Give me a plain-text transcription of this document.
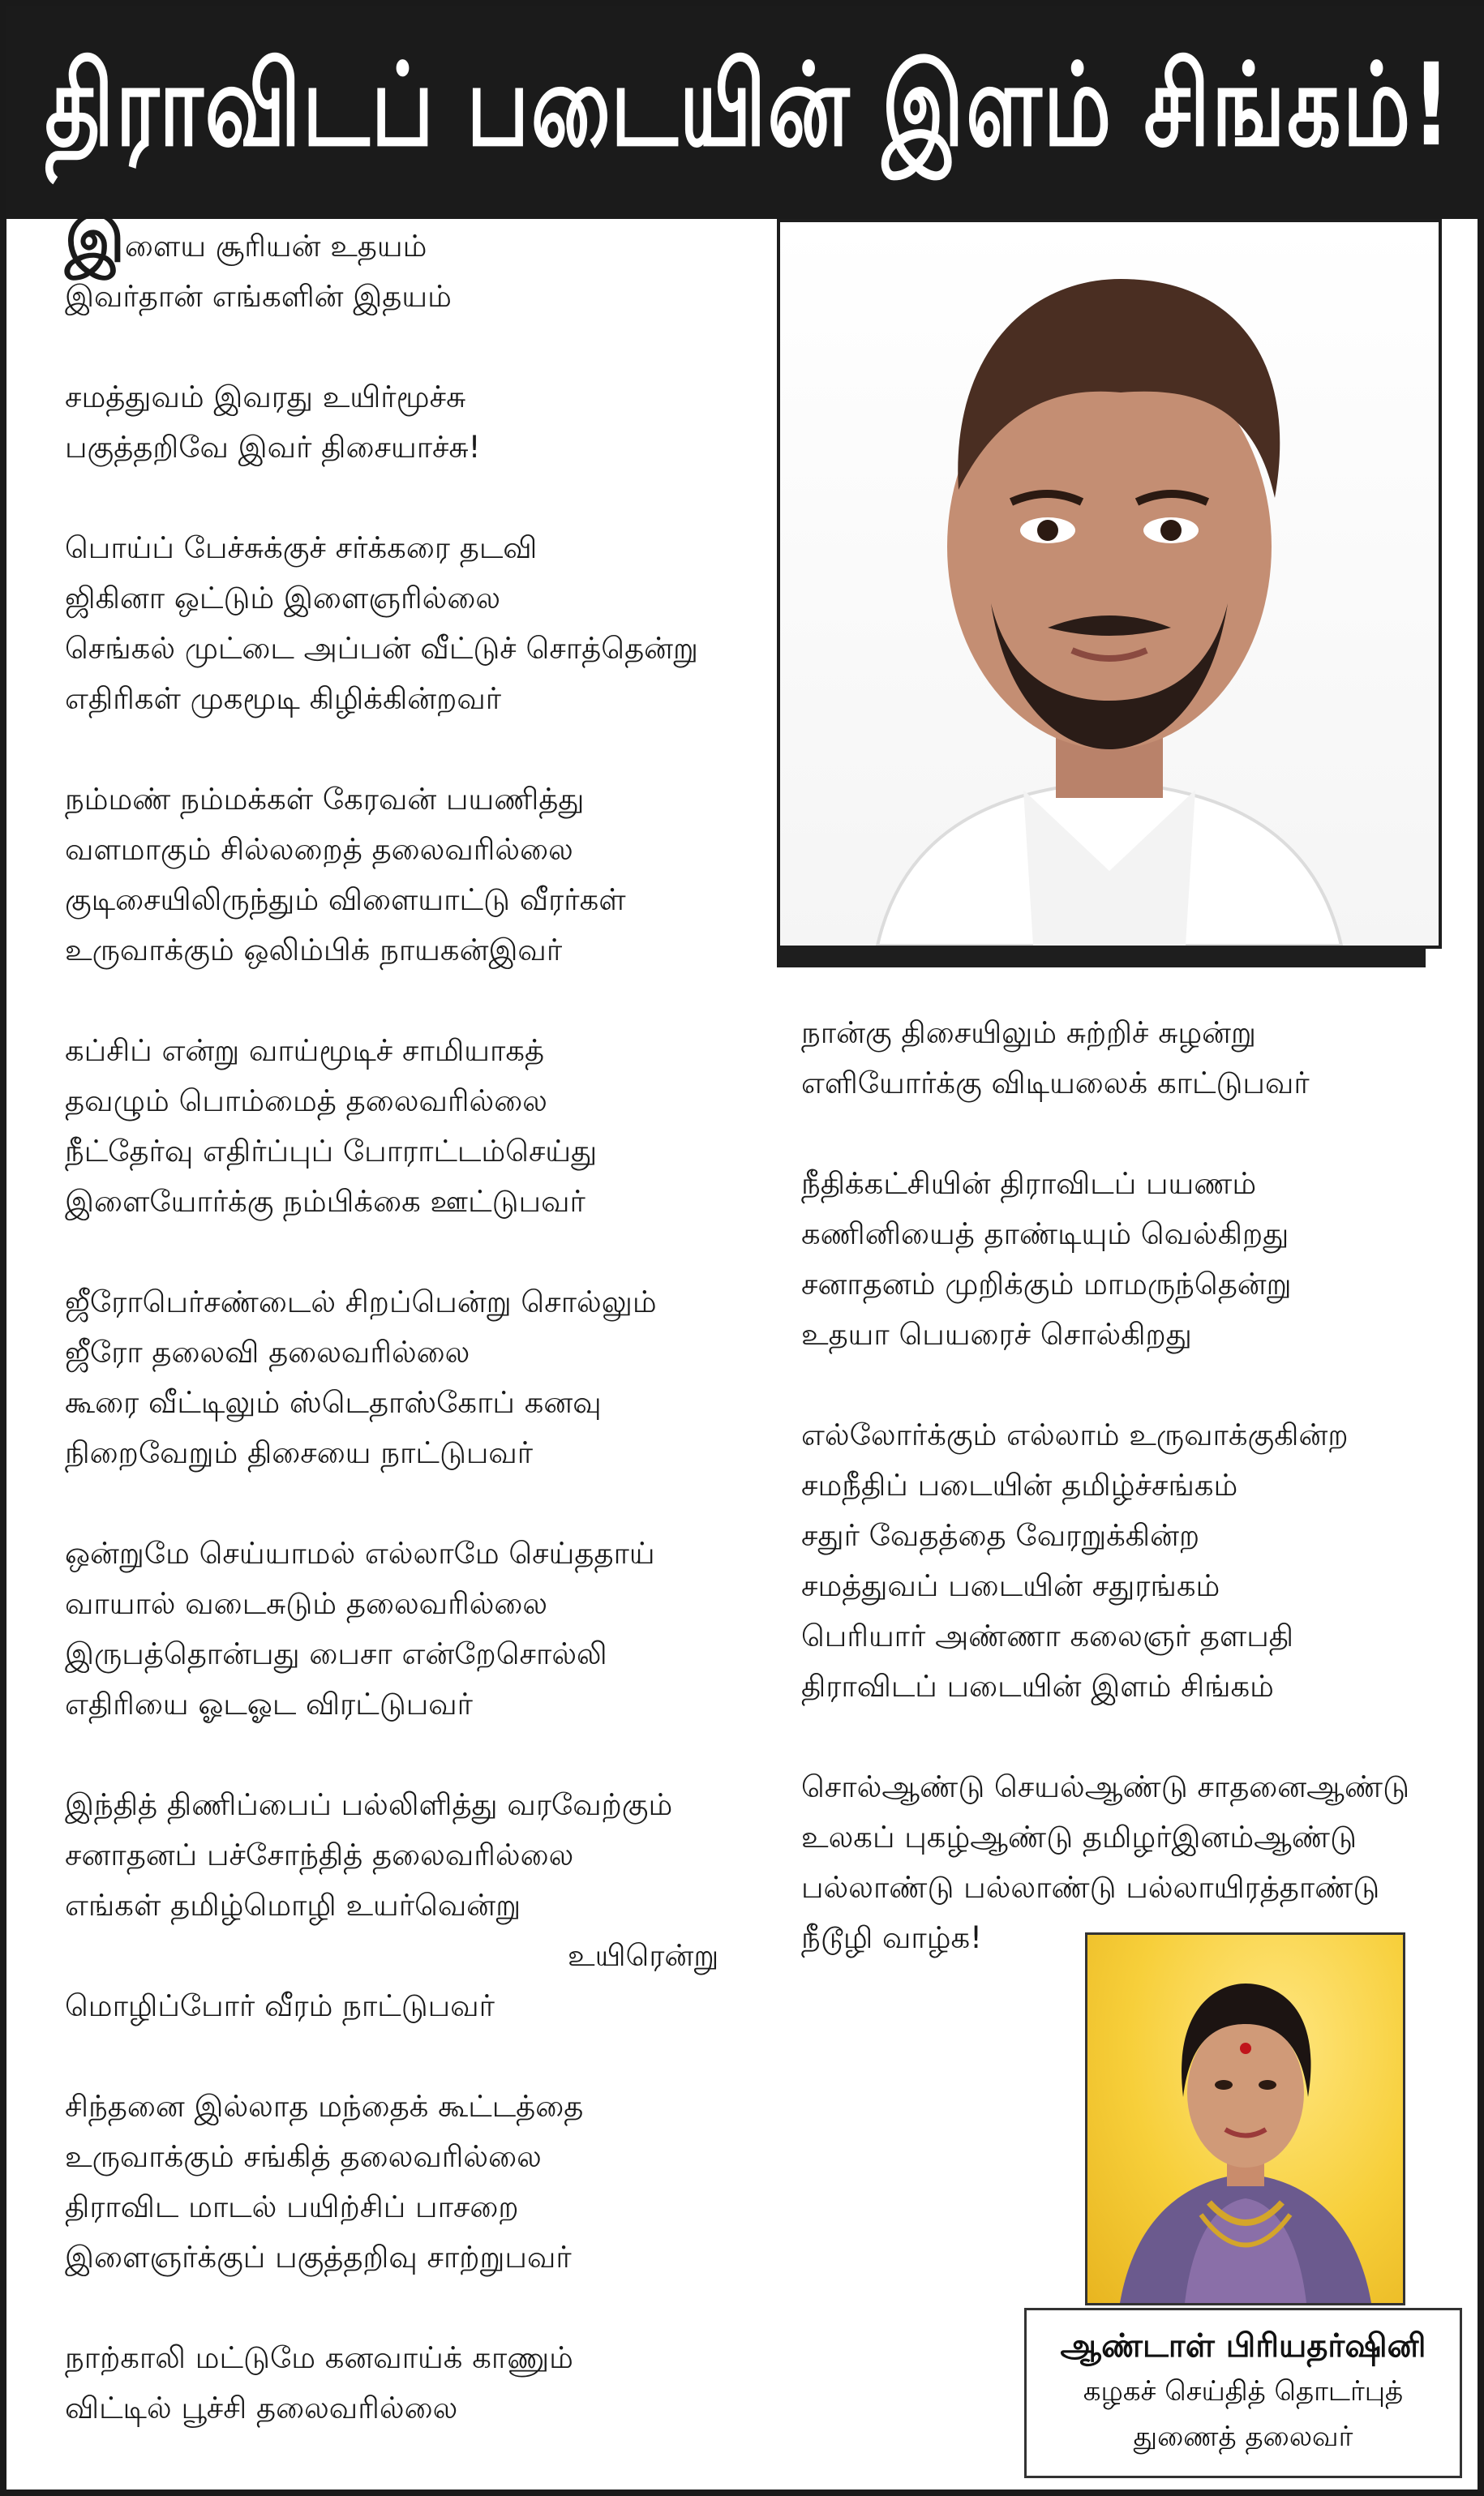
திராவிடப் படையின் இளம் சிங்கம்!
இளைய சூரியன் உதயம்
இவர்தான் எங்களின் இதயம்
சமத்துவம் இவரது உயிர்மூச்சு
பகுத்தறிவே இவர் திசையாச்சு!
பொய்ப் பேச்சுக்குச் சர்க்கரை தடவி
ஜிகினா ஒட்டும் இளைஞரில்லை
செங்கல் முட்டை அப்பன் வீட்டுச் சொத்தென்று
எதிரிகள் முகமூடி கிழிக்கின்றவர்
நம்மண் நம்மக்கள் கேரவன் பயணித்து
வளமாகும் சில்லறைத் தலைவரில்லை
குடிசையிலிருந்தும் விளையாட்டு வீரர்கள்
உருவாக்கும் ஒலிம்பிக் நாயகன்இவர்
கப்சிப் என்று வாய்மூடிச் சாமியாகத்
தவழும் பொம்மைத் தலைவரில்லை
நீட்தேர்வு எதிர்ப்புப் போராட்டம்செய்து
இளையோர்க்கு நம்பிக்கை ஊட்டுபவர்
ஜீரோபெர்சண்டைல் சிறப்பென்று சொல்லும்
ஜீரோ தலைவி தலைவரில்லை
கூரை வீட்டிலும் ஸ்டெதாஸ்கோப் கனவு
நிறைவேறும் திசையை நாட்டுபவர்
ஒன்றுமே செய்யாமல் எல்லாமே செய்ததாய்
வாயால் வடைசுடும் தலைவரில்லை
இருபத்தொன்பது பைசா என்றேசொல்லி
எதிரியை ஓடஓட விரட்டுபவர்
இந்தித் திணிப்பைப் பல்லிளித்து வரவேற்கும்
சனாதனப் பச்சோந்தித் தலைவரில்லை
எங்கள் தமிழ்மொழி உயர்வென்று
உயிரென்று
மொழிப்போர் வீரம் நாட்டுபவர்
சிந்தனை இல்லாத மந்தைக் கூட்டத்தை
உருவாக்கும் சங்கித் தலைவரில்லை
திராவிட மாடல் பயிற்சிப் பாசறை
இளைஞர்க்குப் பகுத்தறிவு சாற்றுபவர்
நாற்காலி மட்டுமே கனவாய்க் காணும்
விட்டில் பூச்சி தலைவரில்லை
நான்கு திசையிலும் சுற்றிச் சுழன்று
எளியோர்க்கு விடியலைக் காட்டுபவர்
நீதிக்கட்சியின் திராவிடப் பயணம்
கணினியைத் தாண்டியும் வெல்கிறது
சனாதனம் முறிக்கும் மாமருந்தென்று
உதயா பெயரைச் சொல்கிறது
எல்லோர்க்கும் எல்லாம் உருவாக்குகின்ற
சமநீதிப் படையின் தமிழ்ச்சங்கம்
சதுர் வேதத்தை வேரறுக்கின்ற
சமத்துவப் படையின் சதுரங்கம்
பெரியார் அண்ணா கலைஞர் தளபதி
திராவிடப் படையின் இளம் சிங்கம்
சொல்ஆண்டு செயல்ஆண்டு சாதனைஆண்டு
உலகப் புகழ்ஆண்டு தமிழர்இனம்ஆண்டு
பல்லாண்டு பல்லாண்டு பல்லாயிரத்தாண்டு
நீடூழி வாழ்க!
ஆண்டாள் பிரியதர்ஷினி
கழகச் செய்தித் தொடர்புத்
துணைத் தலைவர்
